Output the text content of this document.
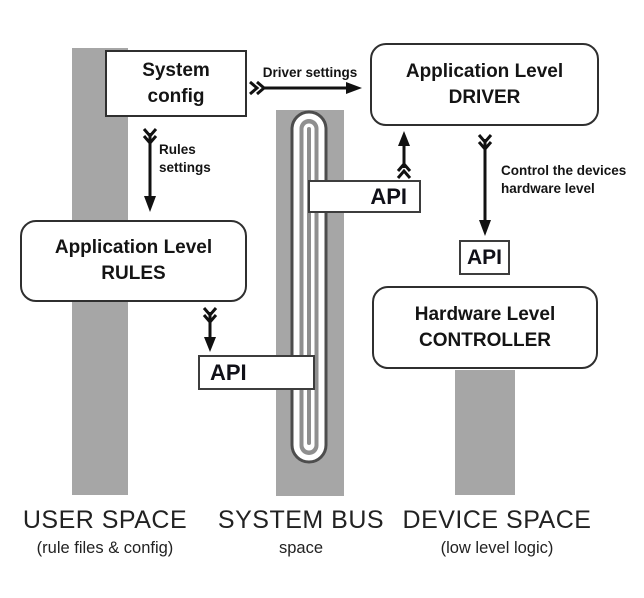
System
config
Application Level
RULES
Application Level
DRIVER
Hardware Level
CONTROLLER
API
API
API
Driver settings
Rules
settings	Control the devices
hardware level
USER SPACE
(rule files & config)
SYSTEM BUS
space
DEVICE SPACE
(low level logic)
